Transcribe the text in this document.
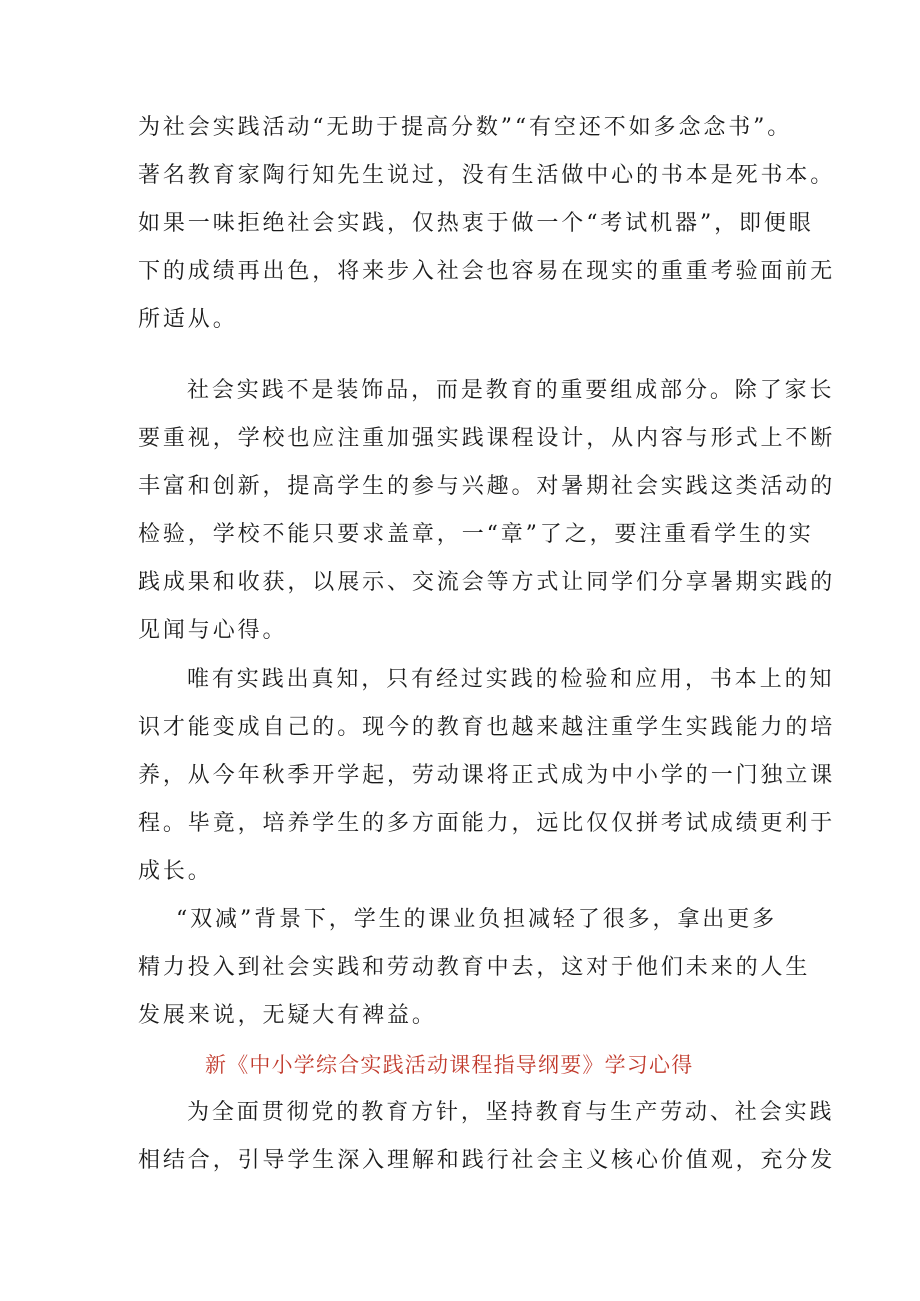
为社会实践活动“无助于提高分数”“有空还不如多念念书”。
著名教育家陶行知先生说过，没有生活做中心的书本是死书本。
如果一味拒绝社会实践，仅热衷于做一个“考试机器”，即便眼
下的成绩再出色，将来步入社会也容易在现实的重重考验面前无
所适从。
社会实践不是装饰品，而是教育的重要组成部分。除了家长
要重视，学校也应注重加强实践课程设计，从内容与形式上不断
丰富和创新，提高学生的参与兴趣。对暑期社会实践这类活动的
检验，学校不能只要求盖章，一“章”了之，要注重看学生的实
践成果和收获，以展示、交流会等方式让同学们分享暑期实践的
见闻与心得。
唯有实践出真知，只有经过实践的检验和应用，书本上的知
识才能变成自己的。现今的教育也越来越注重学生实践能力的培
养，从今年秋季开学起，劳动课将正式成为中小学的一门独立课
程。毕竟，培养学生的多方面能力，远比仅仅拼考试成绩更利于
成长。
“双减”背景下，学生的课业负担减轻了很多，拿出更多
精力投入到社会实践和劳动教育中去，这对于他们未来的人生
发展来说，无疑大有裨益。
新《中小学综合实践活动课程指导纲要》学习心得
为全面贯彻党的教育方针，坚持教育与生产劳动、社会实践
相结合，引导学生深入理解和践行社会主义核心价值观，充分发
